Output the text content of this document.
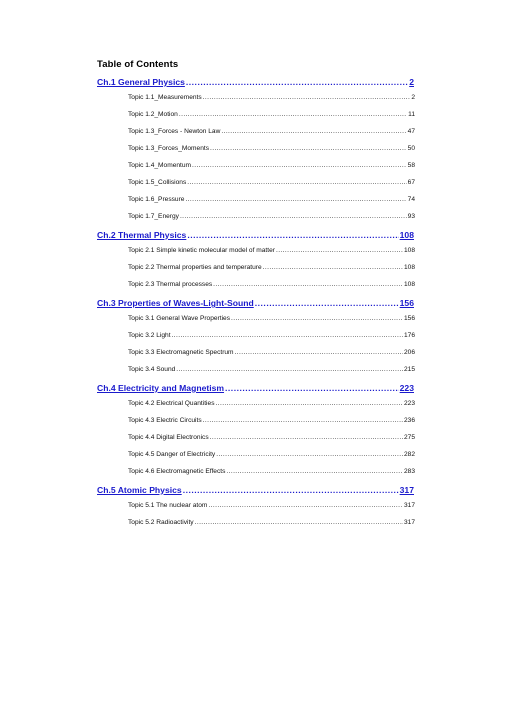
Table of Contents
Ch.1 General Physics .....	2
Topic 1.1_Measurements .....	2
Topic 1.2_Motion .....	11
Topic 1.3_Forces - Newton Law .....	47
Topic 1.3_Forces_Moments .....	50
Topic 1.4_Momentum .....	58
Topic 1.5_Collisions .....	67
Topic 1.6_Pressure .....	74
Topic 1.7_Energy .....	93
Ch.2 Thermal Physics .....	108
Topic 2.1 Simple kinetic molecular model of matter .....	108
Topic 2.2 Thermal properties and temperature .....	108
Topic 2.3 Thermal processes .....	108
Ch.3 Properties of Waves-Light-Sound .....	156
Topic 3.1 General Wave Properties .....	156
Topic 3.2 Light .....	176
Topic 3.3 Electromagnetic Spectrum .....	206
Topic 3.4 Sound .....	215
Ch.4 Electricity and Magnetism .....	223
Topic 4.2 Electrical Quantities .....	223
Topic 4.3 Electric Circuits .....	236
Topic 4.4 Digital Electronics .....	275
Topic 4.5 Danger of Electricity .....	282
Topic 4.6 Electromagnetic Effects .....	283
Ch.5 Atomic Physics .....	317
Topic 5.1 The nuclear atom .....	317
Topic 5.2 Radioactivity .....	317
